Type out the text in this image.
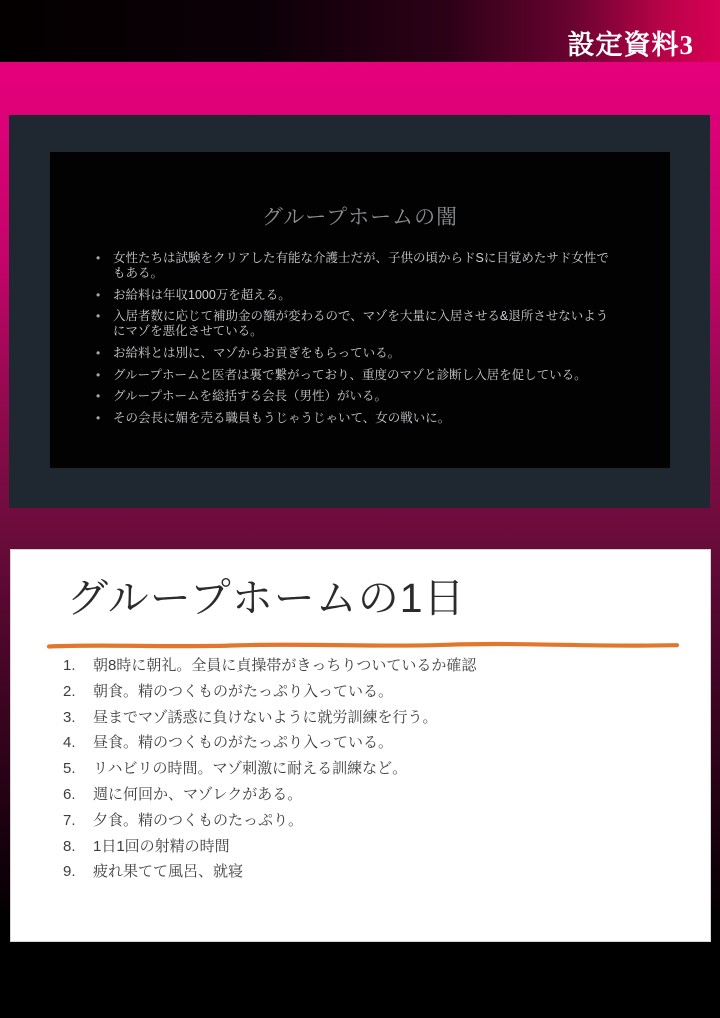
設定資料3
グループホームの闇
• 女性たちは試験をクリアした有能な介護士だが、子供の頃からドSに目覚めたサド女性でもある。
• お給料は年収1000万を超える。
• 入居者数に応じて補助金の額が変わるので、マゾを大量に入居させる&退所させないようにマゾを悪化させている。
• お給料とは別に、マゾからお貢ぎをもらっている。
• グループホームと医者は裏で繋がっており、重度のマゾと診断し入居を促している。
• グループホームを総括する会長（男性）がいる。
• その会長に媚を売る職員もうじゃうじゃいて、女の戦いに。
グループホームの1日
1.	朝8時に朝礼。全員に貞操帯がきっちりついているか確認
2.	朝食。精のつくものがたっぷり入っている。
3.	昼までマゾ誘惑に負けないように就労訓練を行う。
4.	昼食。精のつくものがたっぷり入っている。
5.	リハビリの時間。マゾ刺激に耐える訓練など。
6.	週に何回か、マゾレクがある。
7.	夕食。精のつくものたっぷり。
8.	1日1回の射精の時間
9.	疲れ果てて風呂、就寝
